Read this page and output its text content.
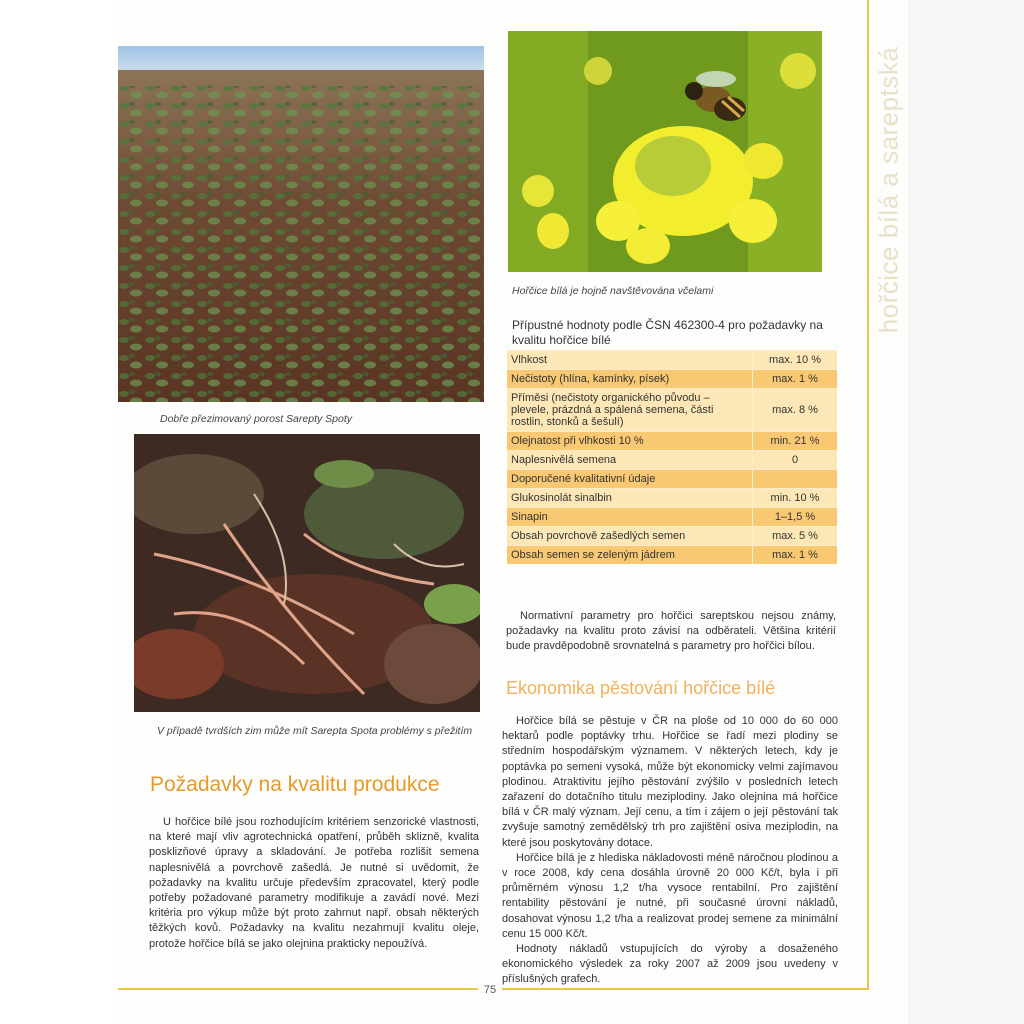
75
hořčice bílá a sareptská
Dobře přezimovaný porost Sarepty Spoty
V případě tvrdších zim může mít Sarepta Spota problémy s přežitím
Hořčice bílá je hojně navštěvována včelami
Přípustné hodnoty podle ČSN 462300-4 pro požadavky na kvalitu hořčice bílé
Vlhkost	max. 10 %
Nečistoty (hlína, kamínky, písek)	max. 1 %
Příměsi (nečistoty organického původu – plevele, prázdná a spálená semena, části rostlin, stonků a šešulí)	max. 8 %
Olejnatost při vlhkosti 10 %	min. 21 %
Naplesnivělá semena	0
Doporučené kvalitativní údaje	
Glukosinolát sinalbin	min. 10 %
Sinapin	1–1,5 %
Obsah povrchově zašedlých semen	max. 5 %
Obsah semen se zeleným jádrem	max. 1 %

Normativní parametry pro hořčici sareptskou nejsou známy, požadavky na kvalitu proto závisí na odběrateli. Většina kritérií bude pravděpodobně srovnatelná s parametry pro hořčici bílou.

Ekonomika pěstování hořčice bílé

Hořčice bílá se pěstuje v ČR na ploše od 10 000 do 60 000 hektarů podle poptávky trhu. Hořčice se řadí mezi plodiny se středním hospodářským významem. V některých letech, kdy je poptávka po semeni vysoká, může být ekonomicky velmi zajímavou plodinou. Atraktivitu jejího pěstování zvýšilo v posledních letech zařazení do dotačního titulu meziplodiny. Jako olejnina má hořčice bílá v ČR malý význam. Její cenu, a tím i zájem o její pěstování tak zvyšuje samotný zemědělský trh pro zajištění osiva meziplodin, na které jsou poskytovány dotace.

Hořčice bílá je z hlediska nákladovosti méně náročnou plodinou a v roce 2008, kdy cena dosáhla úrovně 20 000 Kč/t, byla i při průměrném výnosu 1,2 t/ha vysoce rentabilní. Pro zajištění rentability pěstování je nutné, při současné úrovni nákladů, dosahovat výnosu 1,2 t/ha a realizovat prodej semene za minimální cenu 15 000 Kč/t.

Hodnoty nákladů vstupujících do výroby a dosaženého ekonomického výsledek za roky 2007 až 2009 jsou uvedeny v příslušných grafech.

Požadavky na kvalitu produkce

U hořčice bílé jsou rozhodujícím kritériem senzorické vlastnosti, na které mají vliv agrotechnická opatření, průběh sklizně, kvalita posklizňové úpravy a skladování. Je potřeba rozlišit semena naplesnivělá a povrchově zašedlá. Je nutné si uvědomit, že požadavky na kvalitu určuje především zpracovatel, který podle potřeby požadované parametry modifikuje a zavádí nové. Mezi kritéria pro výkup může být proto zahrnut např. obsah některých těžkých kovů. Požadavky na kvalitu nezahrnují kvalitu oleje, protože hořčice bílá se jako olejnina prakticky nepoužívá.
